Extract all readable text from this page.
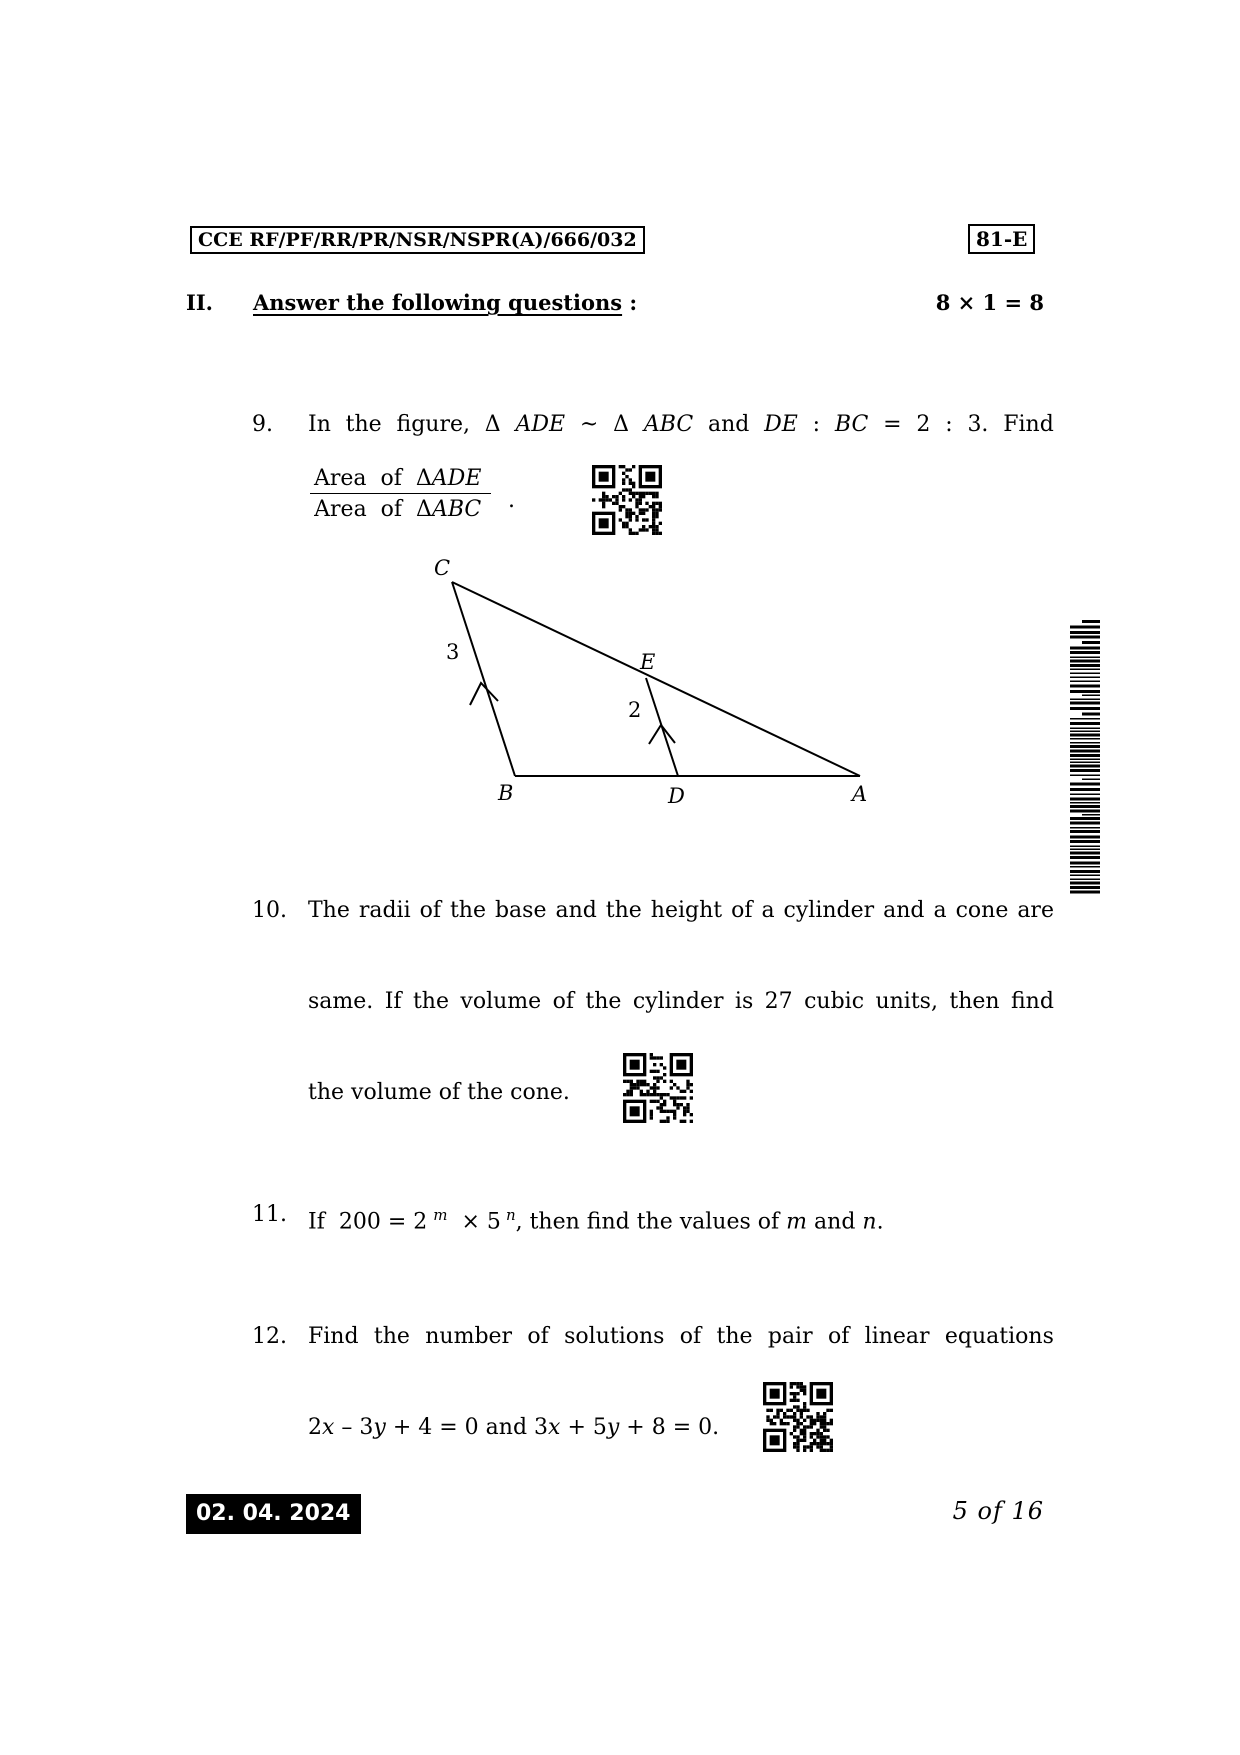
CCE RF/PF/RR/PR/NSR/NSPR(A)/666/032	81-E
II. Answer the following questions :	8 × 1 = 8
9. In the figure, Δ ADE ~ Δ ABC and DE : BC = 2 : 3. Find
Area  of  ΔADE
Area  of  ΔABC	.
C
3	E
2
B	D	A
10. The radii of the base and the height of a cylinder and a cone are
same. If the volume of the cylinder is 27 cubic units, then find
the volume of the cone.
11. If 200 = 2 $^m$ × 5 $^n$, then find the values of m and n.
12. Find the number of solutions of the pair of linear equations
2x – 3y + 4 = 0 and 3x + 5y + 8 = 0.
02. 04. 2024	5 of 16
